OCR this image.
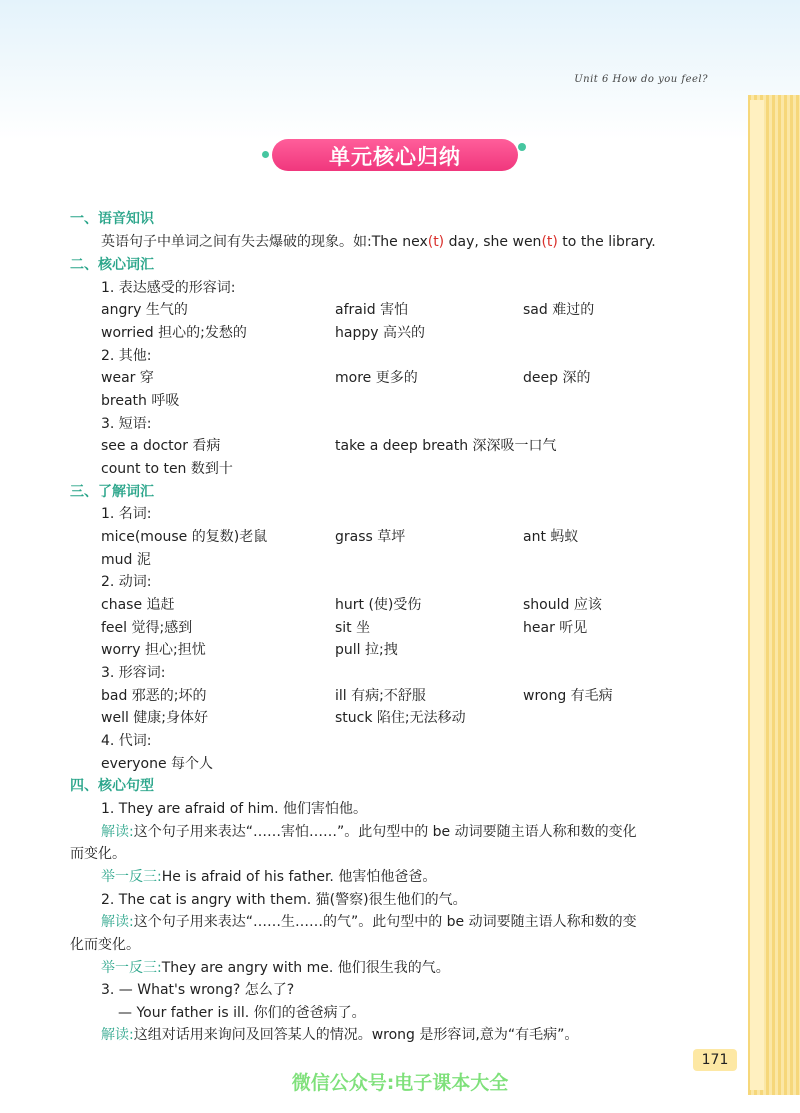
Unit 6 How do you feel?
单元核心归纳
一、语音知识
英语句子中单词之间有失去爆破的现象。如:The nex(t) day, she wen(t) to the library.
二、核心词汇
1. 表达感受的形容词:
angry 生气的	afraid 害怕	sad 难过的
worried 担心的;发愁的	happy 高兴的
2. 其他:
wear 穿	more 更多的	deep 深的
breath 呼吸
3. 短语:
see a doctor 看病	take a deep breath 深深吸一口气
count to ten 数到十
三、了解词汇
1. 名词:
mice(mouse 的复数)老鼠	grass 草坪	ant 蚂蚁
mud 泥
2. 动词:
chase 追赶	hurt (使)受伤	should 应该
feel 觉得;感到	sit 坐	hear 听见
worry 担心;担忧	pull 拉;拽
3. 形容词:
bad 邪恶的;坏的	ill 有病;不舒服	wrong 有毛病
well 健康;身体好	stuck 陷住;无法移动
4. 代词:
everyone 每个人
四、核心句型
1. They are afraid of him. 他们害怕他。
解读:这个句子用来表达“……害怕……”。此句型中的 be 动词要随主语人称和数的变化
而变化。
举一反三:He is afraid of his father. 他害怕他爸爸。
2. The cat is angry with them. 猫(警察)很生他们的气。
解读:这个句子用来表达“……生……的气”。此句型中的 be 动词要随主语人称和数的变
化而变化。
举一反三:They are angry with me. 他们很生我的气。
3. — What's wrong? 怎么了?
— Your father is ill. 你们的爸爸病了。
解读:这组对话用来询问及回答某人的情况。wrong 是形容词,意为“有毛病”。
171
微信公众号:电子课本大全
